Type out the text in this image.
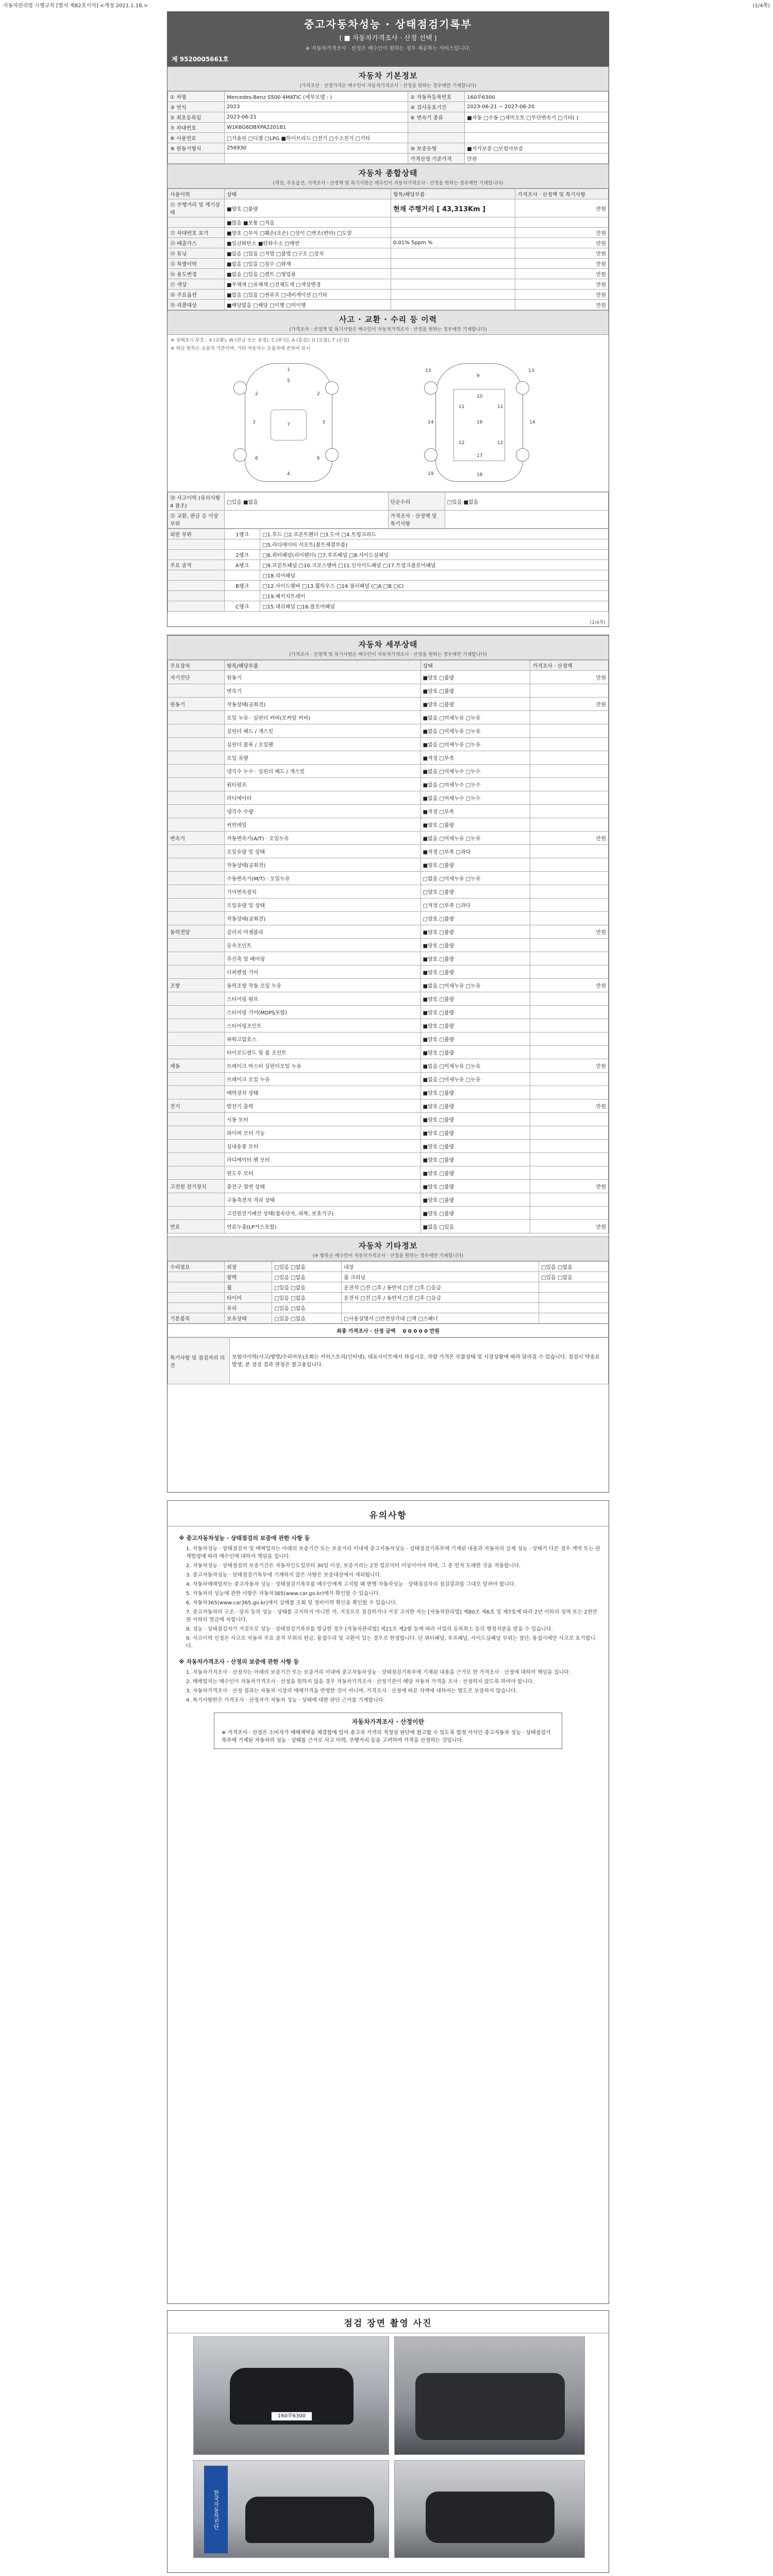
자동차관리법 시행규칙 [별지 제82호서식] <개정 2021.1.18.>	(1/4쪽)
중고자동차성능 · 상태점검기록부
( ■ 자동차가격조사 · 산정 선택 )
※ 자동차가격조사 · 산정은 매수인이 원하는 경우 제공하는 서비스입니다.
제 9520005661호
자동차 기본정보
(가격조산 · 산정가격은 매수인이 자동차가격조사 · 산정을 원하는 경우에만 기재합니다)
① 차명	Mercedes-Benz S500 4MATIC (세부모델 : )	② 자동차등록번호	160루6300
③ 연식	2023	④ 검사유효기간	2023-06-21 ~ 2027-06-20
⑤ 최초등록일	2023-06-21	⑥ 변속기 종류	■자동 □수동 □세미오토 □무단변속기 □기타( )
⑦ 차대번호	W1K6G6DBXPA220181		
⑧ 사용연료	□가솔린 □디젤 □LPG ■하이브리드 □전기 □수소전기 □기타		
⑨ 원동기형식	256930	⑩ 보증유형	■자가보증 □보험사보증
		가격산정 기준가격	만원
자동차 종합상태
(색상, 주요옵션, 가격조사 · 산정액 및 특기사항은 매수인이 자동차가격조사 · 산정을 원하는 경우에만 기재합니다)
사용이력	상태	항목/해당부품	가격조사 · 산정액 및 특기사항
⑪ 주행거리 및 계기상태	■양호 □불량	현재 주행거리 [ 43,313Km ]	만원
	■많음 ■보통 □적음		
⑫ 차대번호 표기	■양호 □부식 □훼손(오손) □상이 □변조(변타) □도말		만원
⑬ 배출가스	■일산화탄소 ■탄화수소 □매연	0.01% 5ppm %	만원
⑭ 튜닝	■없음 □있음 □적법 □불법 □구조 □장치		만원
⑮ 특별이력	■없음 □있음 □침수 □화재		만원
⑯ 용도변경	■없음 □있음 □렌트 □영업용		만원
⑰ 색상	■무채색 □유채색 □전체도색 □색상변경		만원
⑱ 주요옵션	■없음 □있음 □썬루프 □네비게이션 □기타		만원
⑲ 리콜대상	■해당없음 □해당 □이행 □미이행		만원
사고 · 교환 · 수리 등 이력
(가격조사 · 산정액 및 특기사항은 매수인이 자동차가격조사 · 산정을 원하는 경우에만 기재합니다)
※ 상태표시 부호 : X (교환), W (판금 또는 용접), C (부식), A (흠집), U (요철), T (손상)
※ 하단 항목은 승용차 기준이며, 기타 자동차는 승용차에 준하여 표시
1
2	2
3	3
7
6	6
4
5
13	13
9
10
11	11
16
14	14
12	12
17
18
19
⑳ 사고이력 (유의사항 4 참조)	□있음 ■없음	단순수리	□있음 ■없음
㉑ 교환, 판금 등 이상 부위		가격조사 · 산정액 및 특기사항	
외판 부위	1랭크	□1.후드 □2.프론트펜더 □3.도어 □4.트렁크리드
		□5.라디에이터 서포트(볼트체결부품)
	2랭크	□6.쿼터패널(리어펜더) □7.루프패널 □8.사이드실패널
주요 골격	A랭크	□9.프론트패널 □10.크로스멤버 □11.인사이드패널 □17.트렁크플로어패널
		□18.리어패널
	B랭크	□12.사이드멤버 □13.휠하우스 □14.필러패널 (□A □B □C)
		□19.패키지트레이
	C랭크	□15.대쉬패널 □16.플로어패널
(2/4쪽)
자동차 세부상태
(가격조사 · 산정액 및 특기사항은 매수인이 자동차가격조사 · 산정을 원하는 경우에만 기재합니다)
주요장치	항목/해당부품	상태	가격조사 · 산정액
자기진단	원동기	■양호 □불량	만원
	변속기	■양호 □불량	
원동기	작동상태(공회전)	■양호 □불량	만원
	오일 누유 · 실린더 커버(로커암 커버)	■없음 □미세누유 □누유	
	실린더 헤드 / 개스킷	■없음 □미세누유 □누유	
	실린더 블록 / 오일팬	■없음 □미세누유 □누유	
	오일 유량	■적정 □부족	
	냉각수 누수 · 실린더 헤드 / 개스킷	■없음 □미세누수 □누수	
	워터펌프	■없음 □미세누수 □누수	
	라디에이터	■없음 □미세누수 □누수	
	냉각수 수량	■적정 □부족	
	커먼레일	■양호 □불량	
변속기	자동변속기(A/T) · 오일누유	■없음 □미세누유 □누유	만원
	오일유량 및 상태	■적정 □부족 □과다	
	작동상태(공회전)	■양호 □불량	
	수동변속기(M/T) · 오일누유	□없음 □미세누유 □누유	
	기어변속장치	□양호 □불량	
	오일유량 및 상태	□적정 □부족 □과다	
	작동상태(공회전)	□양호 □불량	
동력전달	클러치 어셈블리	■양호 □불량	만원
	등속조인트	■양호 □불량	
	추진축 및 베어링	■양호 □불량	
	디퍼렌셜 기어	■양호 □불량	
조향	동력조향 작동 오일 누유	■없음 □미세누유 □누유	만원
	스티어링 펌프	■양호 □불량	
	스티어링 기어(MDPS포함)	■양호 □불량	
	스티어링조인트	■양호 □불량	
	파워고압호스	■양호 □불량	
	타이로드엔드 및 볼 조인트	■양호 □불량	
제동	브레이크 마스터 실린더오일 누유	■없음 □미세누유 □누유	만원
	브레이크 오일 누유	■없음 □미세누유 □누유	
	배력장치 상태	■양호 □불량	
전기	발전기 출력	■양호 □불량	만원
	시동 모터	■양호 □불량	
	와이퍼 모터 기능	■양호 □불량	
	실내송풍 모터	■양호 □불량	
	라디에이터 팬 모터	■양호 □불량	
	윈도우 모터	■양호 □불량	
고전원 전기장치	충전구 절연 상태	■양호 □불량	만원
	구동축전지 격리 상태	■양호 □불량	
	고전원전기배선 상태(접속단자, 피복, 보호기구)	■양호 □불량	
연료	연료누출(LP가스포함)	■없음 □있음	만원
자동차 기타정보
(※ 항목은 매수인이 자동차가격조사 · 산정을 원하는 경우에만 기재합니다)
수리필요	외장	□있음 □없음	내장	□있음 □없음
	광택	□있음 □없음	룸 크리닝	□있음 □없음
	휠	□있음 □없음	운전석 □전 □후 / 동반석 □전 □후 □응급	
	타이어	□있음 □없음	운전석 □전 □후 / 동반석 □전 □후 □응급	
	유리	□있음 □없음		
기본품목	보유상태	□있음 □없음	□사용설명서 □안전삼각대 □잭 □스패너	
최종 가격조사 · 산정 금액 0 0 0 0 0 만원
특기사항 및 점검자의 의견	보험사이력(사고/쌍방/수리여부)조회는 카히스토리(인터넷), 대표사이트에서 하십시오. 차량 가격은 부품상태 및 시장상황에 따라 달라질 수 있습니다. 점검시 탁송료 발생, 본 점검 결과 판정은 참고용입니다.
유의사항
※ 중고자동차성능 · 상태점검의 보증에 관한 사항 등

1. 자동차성능 · 상태점검자 및 매매업자는 아래의 보증기간 또는 보증거리 이내에 중고자동차성능 · 상태점검기록부에 기재된 내용과 자동차의 실제 성능 · 상태가 다른 경우 계약 또는 관계법령에 따라 매수인에 대하여 책임을 집니다.

2. 자동차성능 · 상태점검의 보증기간은 자동차인도일부터 30일 이상, 보증거리는 2천 킬로미터 이상이어야 하며, 그 중 먼저 도래한 것을 적용합니다.

3. 중고자동차성능 · 상태점검기록부에 기재하지 않은 사항은 보증대상에서 제외됩니다.

4. 자동차매매업자는 중고자동차 성능 · 상태점검기록부를 매수인에게 고지할 때 현행 자동차성능 · 상태점검자의 점검결과를 그대로 알려야 합니다.

5. 자동차의 성능에 관한 사항은 자동차365(www.car.go.kr)에서 확인할 수 있습니다.

6. 자동차365(www.car365.go.kr)에서 실매물 조회 및 정비이력 확인을 확인할 수 있습니다.

7. 중고자동차의 구조 · 장치 등의 성능 · 상태를 고지하지 아니한 자, 거짓으로 점검하거나 거짓 고지한 자는 [자동차관리법] 제80조 제6호 및 제7호에 따라 2년 이하의 징역 또는 2천만원 이하의 벌금에 처합니다.

8. 성능 · 상태점검자가 거짓으로 성능 · 상태점검기록부를 발급한 경우 [자동차관리법] 제21조 제2항 등에 따라 사업의 등록취소 등의 행정처분을 받을 수 있습니다.

9. 사고이력 인정은 사고로 자동차 주요 골격 부위의 판금, 용접수리 및 교환이 있는 경우로 한정합니다. 단 쿼터패널, 루프패널, 사이드실패널 부위는 절단, 용접시에만 사고로 표기합니다.

※ 자동차가격조사 · 산정의 보증에 관한 사항 등

1. 자동차가격조사 · 산정자는 아래의 보증기간 또는 보증거리 이내에 중고자동차성능 · 상태점검기록부에 기재된 내용을 근거로 한 가격조사 · 산정에 대하여 책임을 집니다.

2. 매매업자는 매수인이 자동차가격조사 · 산정을 원하지 않을 경우 자동차가격조사 · 산정기관이 해당 자동차 가격을 조사 · 산정하지 않도록 하여야 합니다.

3. 자동차가격조사 · 산정 결과는 자동차 시장의 매매가격을 반영한 것이 아니며, 가격조사 · 산정에 따른 차액에 대하여는 별도로 보증하지 않습니다.

4. 특기사항란은 가격조사 · 산정자가 자동차 성능 · 상태에 대한 판단 근거를 기재합니다.

자동차가격조사 · 산정이란
※ 가격조사 · 산정은 소비자가 매매계약을 체결함에 있어 중고차 가격의 적정성 판단에 참고할 수 있도록 법정 서식인 중고자동차 성능 · 상태점검기록부에 기재된 자동차의 성능 · 상태를 근거로 사고 이력, 주행거리 등을 고려하여 가격을 산정하는 것입니다.
점검 장면 촬영 사진
160루6300
한국자동차진단
